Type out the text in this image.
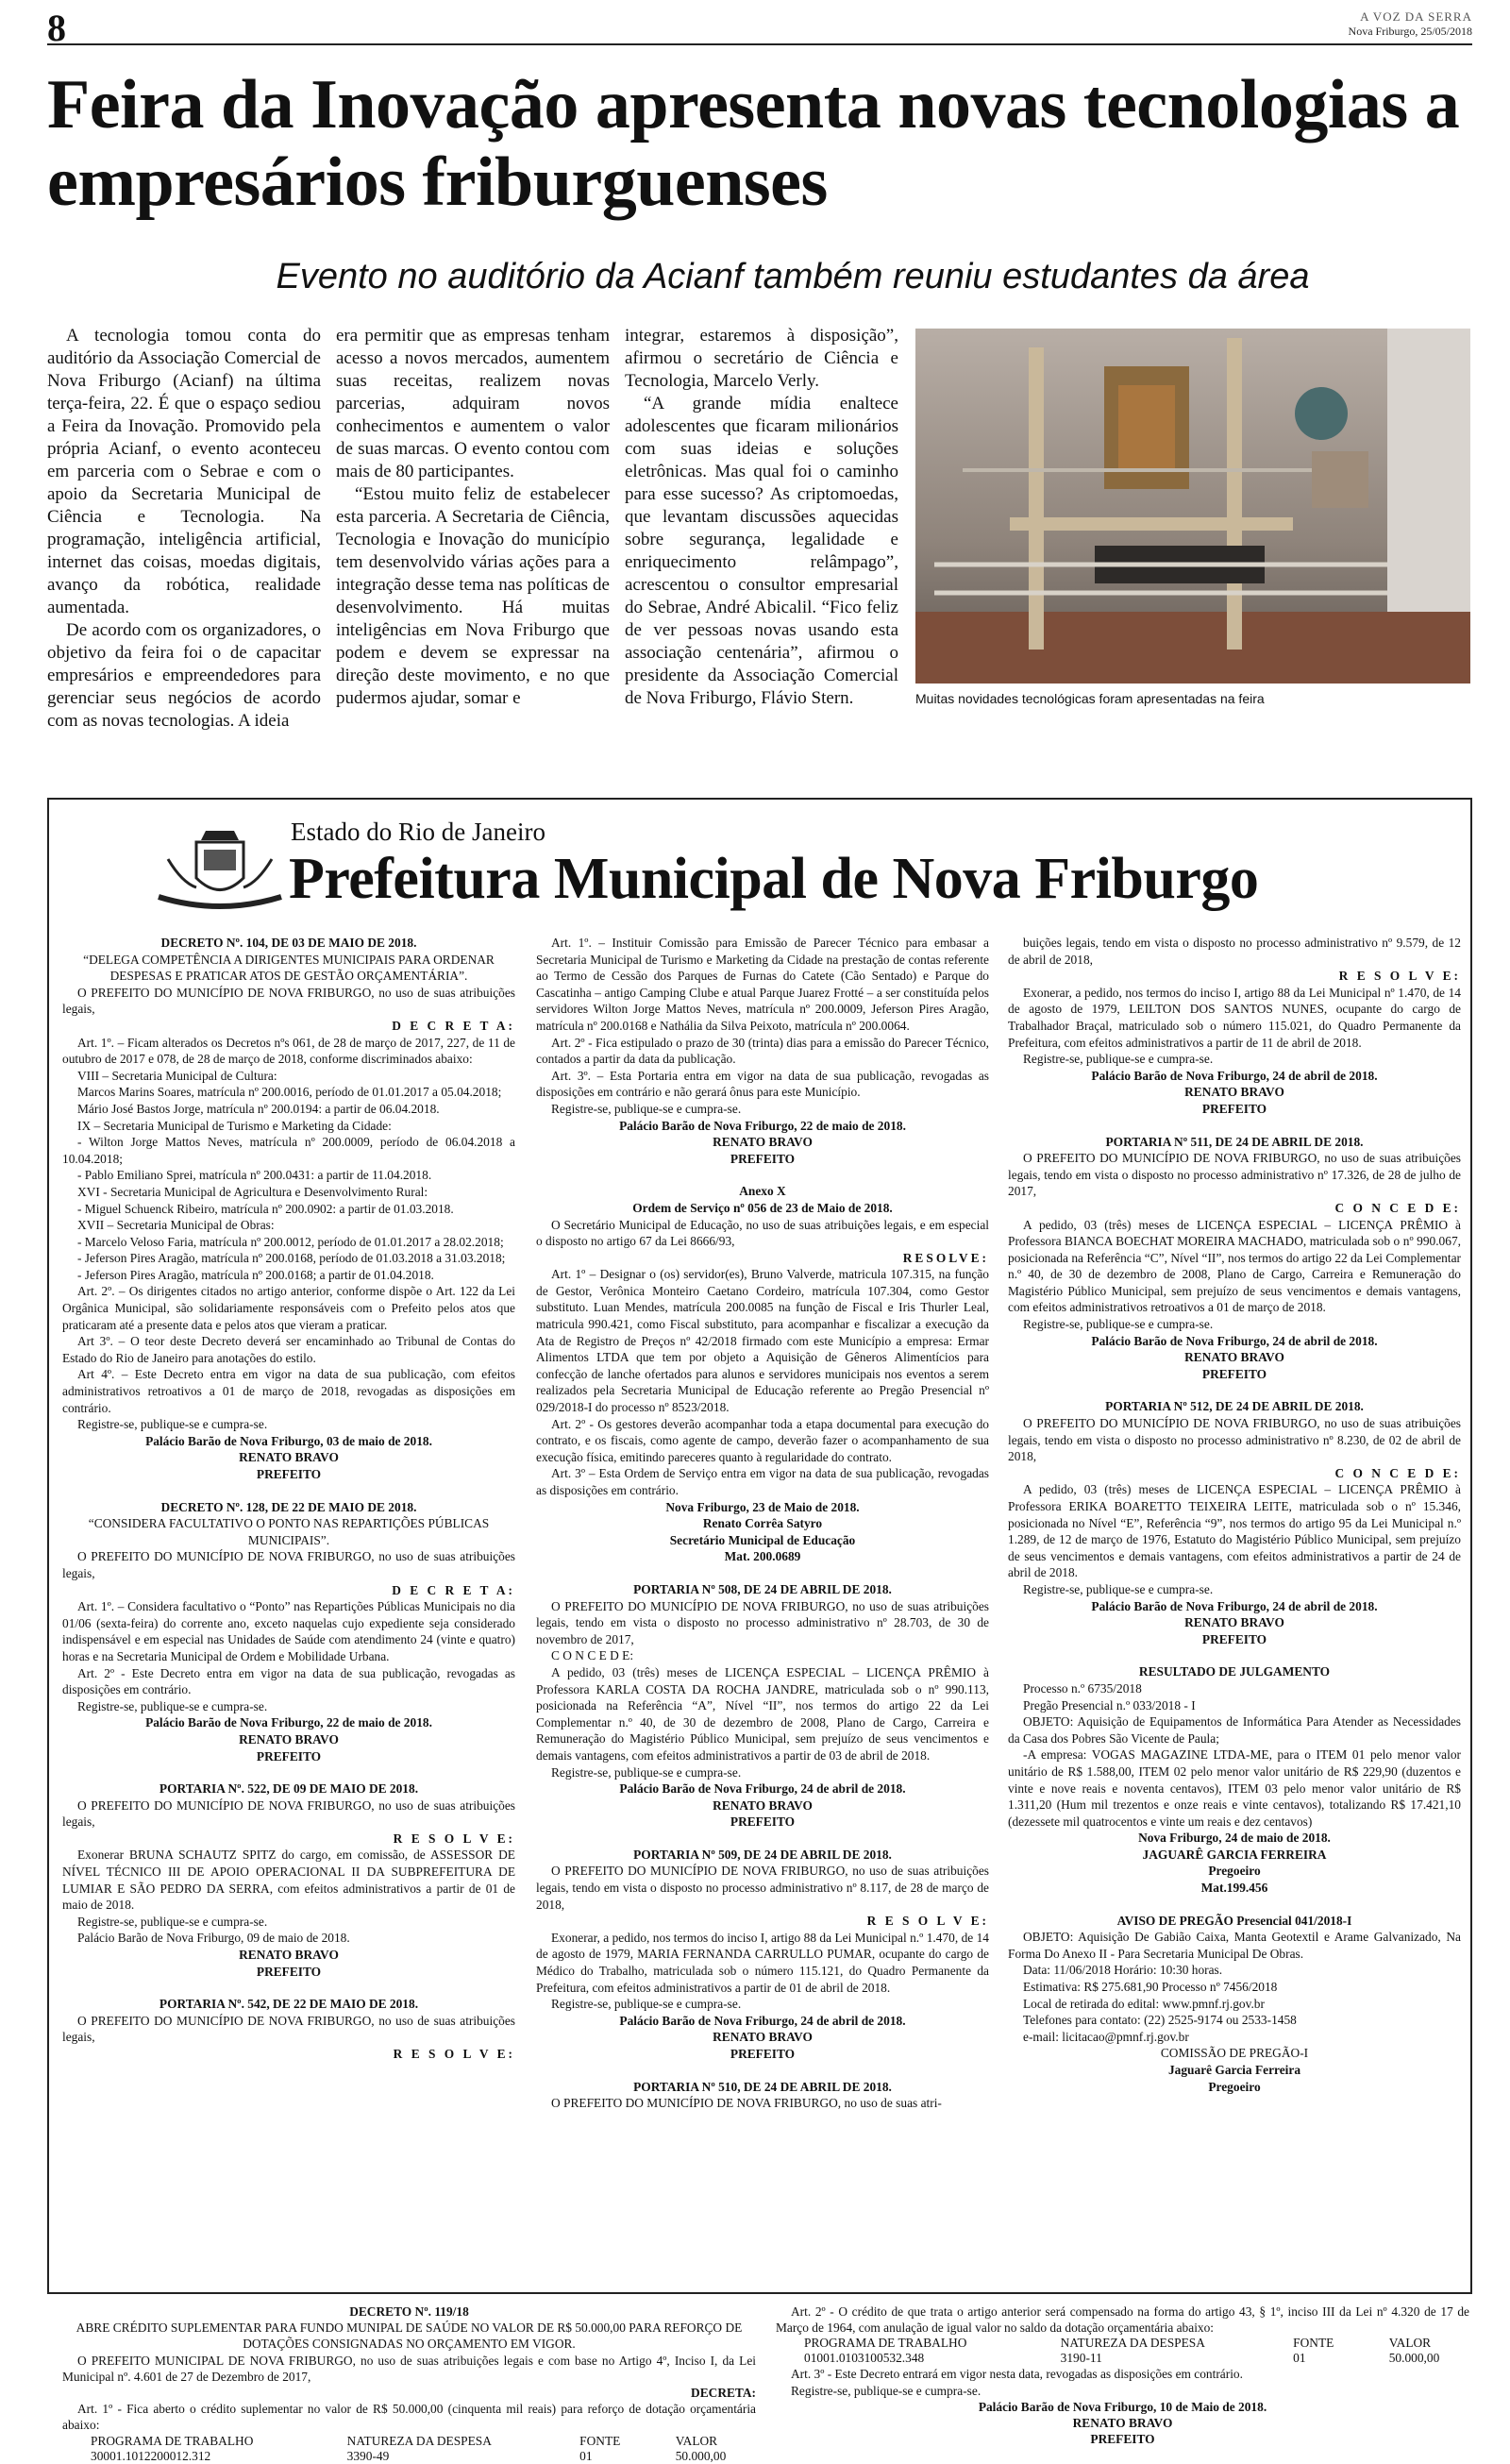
8	A VOZ DA SERRA
Nova Friburgo, 25/05/2018
Feira da Inovação apresenta novas tecnologias a empresários friburguenses
Evento no auditório da Acianf também reuniu estudantes da área

A tecnologia tomou conta do auditório da Associação Comercial de Nova Friburgo (Acianf) na última terça-feira, 22. É que o espaço sediou a Feira da Inovação. Promovido pela própria Acianf, o evento aconteceu em parceria com o Sebrae e com o apoio da Secretaria Municipal de Ciência e Tecnologia. Na programação, inteligência artificial, internet das coisas, moedas digitais, avanço da robótica, realidade aumentada.

De acordo com os organizadores, o objetivo da feira foi o de capacitar empresários e empreendedores para gerenciar seus negócios de acordo com as novas tecnologias. A ideia

era permitir que as empresas tenham acesso a novos mercados, aumentem suas receitas, realizem novas parcerias, adquiram novos conhecimentos e aumentem o valor de suas marcas. O evento contou com mais de 80 participantes.

“Estou muito feliz de estabelecer esta parceria. A Secretaria de Ciência, Tecnologia e Inovação do município tem desenvolvido várias ações para a integração desse tema nas políticas de desenvolvimento. Há muitas inteligências em Nova Friburgo que podem e devem se expressar na direção deste movimento, e no que pudermos ajudar, somar e

integrar, estaremos à disposição”, afirmou o secretário de Ciência e Tecnologia, Marcelo Verly.

“A grande mídia enaltece adolescentes que ficaram milionários com suas ideias e soluções eletrônicas. Mas qual foi o caminho para esse sucesso? As criptomoedas, que levantam discussões aquecidas sobre segurança, legalidade e enriquecimento relâmpago”, acrescentou o consultor empresarial do Sebrae, André Abicalil. “Fico feliz de ver pessoas novas usando esta associação centenária”, afirmou o presidente da Associação Comercial de Nova Friburgo, Flávio Stern.	Muitas novidades tecnológicas foram apresentadas na feira
Estado do Rio de Janeiro
Prefeitura Municipal de Nova Friburgo

DECRETO Nº. 104, DE 03 DE MAIO DE 2018.

“DELEGA COMPETÊNCIA A DIRIGENTES MUNICIPAIS PARA ORDENAR DESPESAS E PRATICAR ATOS DE GESTÃO ORÇAMENTÁRIA”.

O PREFEITO DO MUNICÍPIO DE NOVA FRIBURGO, no uso de suas atribuições legais,

D E C R E T A:

Art. 1º. – Ficam alterados os Decretos nºs 061, de 28 de março de 2017, 227, de 11 de outubro de 2017 e 078, de 28 de março de 2018, conforme discriminados abaixo:

VIII – Secretaria Municipal de Cultura:

Marcos Marins Soares, matrícula nº 200.0016, período de 01.01.2017 a 05.04.2018;

Mário José Bastos Jorge, matrícula nº 200.0194: a partir de 06.04.2018.

IX – Secretaria Municipal de Turismo e Marketing da Cidade:

- Wilton Jorge Mattos Neves, matrícula nº 200.0009, período de 06.04.2018 a 10.04.2018;

- Pablo Emiliano Sprei, matrícula nº 200.0431: a partir de 11.04.2018.

XVI - Secretaria Municipal de Agricultura e Desenvolvimento Rural:

- Miguel Schuenck Ribeiro, matrícula nº 200.0902: a partir de 01.03.2018.

XVII – Secretaria Municipal de Obras:

- Marcelo Veloso Faria, matrícula nº 200.0012, período de 01.01.2017 a 28.02.2018;

- Jeferson Pires Aragão, matrícula nº 200.0168, período de 01.03.2018 a 31.03.2018;

- Jeferson Pires Aragão, matrícula nº 200.0168; a partir de 01.04.2018.

Art. 2º. – Os dirigentes citados no artigo anterior, conforme dispõe o Art. 122 da Lei Orgânica Municipal, são solidariamente responsáveis com o Prefeito pelos atos que praticaram até a presente data e pelos atos que vieram a praticar.

Art 3º. – O teor deste Decreto deverá ser encaminhado ao Tribunal de Contas do Estado do Rio de Janeiro para anotações do estilo.

Art 4º. – Este Decreto entra em vigor na data de sua publicação, com efeitos administrativos retroativos a 01 de março de 2018, revogadas as disposições em contrário.

Registre-se, publique-se e cumpra-se.

Palácio Barão de Nova Friburgo, 03 de maio de 2018.

RENATO BRAVO

PREFEITO

DECRETO Nº. 128, DE 22 DE MAIO DE 2018.

“CONSIDERA FACULTATIVO O PONTO NAS REPARTIÇÕES PÚBLICAS MUNICIPAIS”.

O PREFEITO DO MUNICÍPIO DE NOVA FRIBURGO, no uso de suas atribuições legais,

D E C R E T A:

Art. 1º. – Considera facultativo o “Ponto” nas Repartições Públicas Municipais no dia 01/06 (sexta-feira) do corrente ano, exceto naquelas cujo expediente seja considerado indispensável e em especial nas Unidades de Saúde com atendimento 24 (vinte e quatro) horas e na Secretaria Municipal de Ordem e Mobilidade Urbana.

Art. 2º - Este Decreto entra em vigor na data de sua publicação, revogadas as disposições em contrário.

Registre-se, publique-se e cumpra-se.

Palácio Barão de Nova Friburgo, 22 de maio de 2018.

RENATO BRAVO

PREFEITO

PORTARIA Nº. 522, DE 09 DE MAIO DE 2018.

O PREFEITO DO MUNICÍPIO DE NOVA FRIBURGO, no uso de suas atribuições legais,

R E S O L V E:

Exonerar BRUNA SCHAUTZ SPITZ do cargo, em comissão, de ASSESSOR DE NÍVEL TÉCNICO III DE APOIO OPERACIONAL II DA SUBPREFEITURA DE LUMIAR E SÃO PEDRO DA SERRA, com efeitos administrativos a partir de 01 de maio de 2018.

Registre-se, publique-se e cumpra-se.

Palácio Barão de Nova Friburgo, 09 de maio de 2018.

RENATO BRAVO

PREFEITO

PORTARIA Nº. 542, DE 22 DE MAIO DE 2018.

O PREFEITO DO MUNICÍPIO DE NOVA FRIBURGO, no uso de suas atribuições legais,

R E S O L V E:

Art. 1º. – Instituir Comissão para Emissão de Parecer Técnico para embasar a Secretaria Municipal de Turismo e Marketing da Cidade na prestação de contas referente ao Termo de Cessão dos Parques de Furnas do Catete (Cão Sentado) e Parque do Cascatinha – antigo Camping Clube e atual Parque Juarez Frotté – a ser constituída pelos servidores Wilton Jorge Mattos Neves, matrícula nº 200.0009, Jeferson Pires Aragão, matrícula nº 200.0168 e Nathália da Silva Peixoto, matrícula nº 200.0064.

Art. 2º - Fica estipulado o prazo de 30 (trinta) dias para a emissão do Parecer Técnico, contados a partir da data da publicação.

Art. 3º. – Esta Portaria entra em vigor na data de sua publicação, revogadas as disposições em contrário e não gerará ônus para este Município.

Registre-se, publique-se e cumpra-se.

Palácio Barão de Nova Friburgo, 22 de maio de 2018.

RENATO BRAVO

PREFEITO

Anexo X

Ordem de Serviço nº 056 de 23 de Maio de 2018.

O Secretário Municipal de Educação, no uso de suas atribuições legais, e em especial o disposto no artigo 67 da Lei 8666/93,

RESOLVE:

Art. 1º – Designar o (os) servidor(es), Bruno Valverde, matricula 107.315, na função de Gestor, Verônica Monteiro Caetano Cordeiro, matrícula 107.304, como Gestor substituto. Luan Mendes, matrícula 200.0085 na função de Fiscal e Iris Thurler Leal, matricula 990.421, como Fiscal substituto, para acompanhar e fiscalizar a execução da Ata de Registro de Preços nº 42/2018 firmado com este Município a empresa: Ermar Alimentos LTDA que tem por objeto a Aquisição de Gêneros Alimentícios para confecção de lanche ofertados para alunos e servidores municipais nos eventos a serem realizados pela Secretaria Municipal de Educação referente ao Pregão Presencial nº 029/2018-I do processo nº 8523/2018.

Art. 2º - Os gestores deverão acompanhar toda a etapa documental para execução do contrato, e os fiscais, como agente de campo, deverão fazer o acompanhamento de sua execução física, emitindo pareceres quanto à regularidade do contrato.

Art. 3º – Esta Ordem de Serviço entra em vigor na data de sua publicação, revogadas as disposições em contrário.

Nova Friburgo, 23 de Maio de 2018.

Renato Corrêa Satyro

Secretário Municipal de Educação

Mat. 200.0689

PORTARIA Nº 508, DE 24 DE ABRIL DE 2018.

O PREFEITO DO MUNICÍPIO DE NOVA FRIBURGO, no uso de suas atribuições legais, tendo em vista o disposto no processo administrativo nº 28.703, de 30 de novembro de 2017,

C O N C E D E:

A pedido, 03 (três) meses de LICENÇA ESPECIAL – LICENÇA PRÊMIO à Professora KARLA COSTA DA ROCHA JANDRE, matriculada sob o nº 990.113, posicionada na Referência “A”, Nível “II”, nos termos do artigo 22 da Lei Complementar n.º 40, de 30 de dezembro de 2008, Plano de Cargo, Carreira e Remuneração do Magistério Público Municipal, sem prejuízo de seus vencimentos e demais vantagens, com efeitos administrativos a partir de 03 de abril de 2018.

Registre-se, publique-se e cumpra-se.

Palácio Barão de Nova Friburgo, 24 de abril de 2018.

RENATO BRAVO

PREFEITO

PORTARIA Nº 509, DE 24 DE ABRIL DE 2018.

O PREFEITO DO MUNICÍPIO DE NOVA FRIBURGO, no uso de suas atribuições legais, tendo em vista o disposto no processo administrativo nº 8.117, de 28 de março de 2018,

R E S O L V E:

Exonerar, a pedido, nos termos do inciso I, artigo 88 da Lei Municipal n.º 1.470, de 14 de agosto de 1979, MARIA FERNANDA CARRULLO PUMAR, ocupante do cargo de Médico do Trabalho, matriculada sob o número 115.121, do Quadro Permanente da Prefeitura, com efeitos administrativos a partir de 01 de abril de 2018.

Registre-se, publique-se e cumpra-se.

Palácio Barão de Nova Friburgo, 24 de abril de 2018.

RENATO BRAVO

PREFEITO

PORTARIA Nº 510, DE 24 DE ABRIL DE 2018.

O PREFEITO DO MUNICÍPIO DE NOVA FRIBURGO, no uso de suas atri-

buições legais, tendo em vista o disposto no processo administrativo nº 9.579, de 12 de abril de 2018,

R E S O L V E:

Exonerar, a pedido, nos termos do inciso I, artigo 88 da Lei Municipal nº 1.470, de 14 de agosto de 1979, LEILTON DOS SANTOS NUNES, ocupante do cargo de Trabalhador Braçal, matriculado sob o número 115.021, do Quadro Permanente da Prefeitura, com efeitos administrativos a partir de 11 de abril de 2018.

Registre-se, publique-se e cumpra-se.

Palácio Barão de Nova Friburgo, 24 de abril de 2018.

RENATO BRAVO

PREFEITO

PORTARIA Nº 511, DE 24 DE ABRIL DE 2018.

O PREFEITO DO MUNICÍPIO DE NOVA FRIBURGO, no uso de suas atribuições legais, tendo em vista o disposto no processo administrativo nº 17.326, de 28 de julho de 2017,

C O N C E D E:

A pedido, 03 (três) meses de LICENÇA ESPECIAL – LICENÇA PRÊMIO à Professora BIANCA BOECHAT MOREIRA MACHADO, matriculada sob o nº 990.067, posicionada na Referência “C”, Nível “II”, nos termos do artigo 22 da Lei Complementar n.º 40, de 30 de dezembro de 2008, Plano de Cargo, Carreira e Remuneração do Magistério Público Municipal, sem prejuízo de seus vencimentos e demais vantagens, com efeitos administrativos retroativos a 01 de março de 2018.

Registre-se, publique-se e cumpra-se.

Palácio Barão de Nova Friburgo, 24 de abril de 2018.

RENATO BRAVO

PREFEITO

PORTARIA Nº 512, DE 24 DE ABRIL DE 2018.

O PREFEITO DO MUNICÍPIO DE NOVA FRIBURGO, no uso de suas atribuições legais, tendo em vista o disposto no processo administrativo nº 8.230, de 02 de abril de 2018,

C O N C E D E:

A pedido, 03 (três) meses de LICENÇA ESPECIAL – LICENÇA PRÊMIO à Professora ERIKA BOARETTO TEIXEIRA LEITE, matriculada sob o nº 15.346, posicionada no Nível “E”, Referência “9”, nos termos do artigo 95 da Lei Municipal n.º 1.289, de 12 de março de 1976, Estatuto do Magistério Público Municipal, sem prejuízo de seus vencimentos e demais vantagens, com efeitos administrativos a partir de 24 de abril de 2018.

Registre-se, publique-se e cumpra-se.

Palácio Barão de Nova Friburgo, 24 de abril de 2018.

RENATO BRAVO

PREFEITO

RESULTADO DE JULGAMENTO

Processo n.º 6735/2018

Pregão Presencial n.º 033/2018 - I

OBJETO: Aquisição de Equipamentos de Informática Para Atender as Necessidades da Casa dos Pobres São Vicente de Paula;

-A empresa: VOGAS MAGAZINE LTDA-ME, para o ITEM 01 pelo menor valor unitário de R$ 1.588,00, ITEM 02 pelo menor valor unitário de R$ 229,90 (duzentos e vinte e nove reais e noventa centavos), ITEM 03 pelo menor valor unitário de R$ 1.311,20 (Hum mil trezentos e onze reais e vinte centavos), totalizando R$ 17.421,10 (dezessete mil quatrocentos e vinte um reais e dez centavos)

Nova Friburgo, 24 de maio de 2018.

JAGUARÊ GARCIA FERREIRA

Pregoeiro

Mat.199.456

AVISO DE PREGÃO Presencial 041/2018-I

OBJETO: Aquisição De Gabião Caixa, Manta Geotextil e Arame Galvanizado, Na Forma Do Anexo II - Para Secretaria Municipal De Obras.

Data: 11/06/2018 Horário: 10:30 horas.

Estimativa: R$ 275.681,90 Processo nº 7456/2018

Local de retirada do edital: www.pmnf.rj.gov.br

Telefones para contato: (22) 2525-9174 ou 2533-1458

e-mail: licitacao@pmnf.rj.gov.br

COMISSÃO DE PREGÃO-I

Jaguarê Garcia Ferreira

Pregoeiro

DECRETO Nº. 119/18

ABRE CRÉDITO SUPLEMENTAR PARA FUNDO MUNIPAL DE SAÚDE NO VALOR DE R$ 50.000,00 PARA REFORÇO DE DOTAÇÕES CONSIGNADAS NO ORÇAMENTO EM VIGOR.

O PREFEITO MUNICIPAL DE NOVA FRIBURGO, no uso de suas atribuições legais e com base no Artigo 4º, Inciso I, da Lei Municipal nº. 4.601 de 27 de Dezembro de 2017,

DECRETA:

Art. 1º - Fica aberto o crédito suplementar no valor de R$ 50.000,00 (cinquenta mil reais) para reforço de dotação orçamentária abaixo:

PROGRAMA DE TRABALHO	NATUREZA DA DESPESA	FONTE	VALOR
30001.1012200012.312	3390-49	01	50.000,00

Art. 2º - O crédito de que trata o artigo anterior será compensado na forma do artigo 43, § 1º, inciso III da Lei nº 4.320 de 17 de Março de 1964, com anulação de igual valor no saldo da dotação orçamentária abaixo:

PROGRAMA DE TRABALHO	NATUREZA DA DESPESA	FONTE	VALOR
01001.0103100532.348	3190-11	01	50.000,00

Art. 3º - Este Decreto entrará em vigor nesta data, revogadas as disposições em contrário.

Registre-se, publique-se e cumpra-se.

Palácio Barão de Nova Friburgo, 10 de Maio de 2018.

RENATO BRAVO

PREFEITO
